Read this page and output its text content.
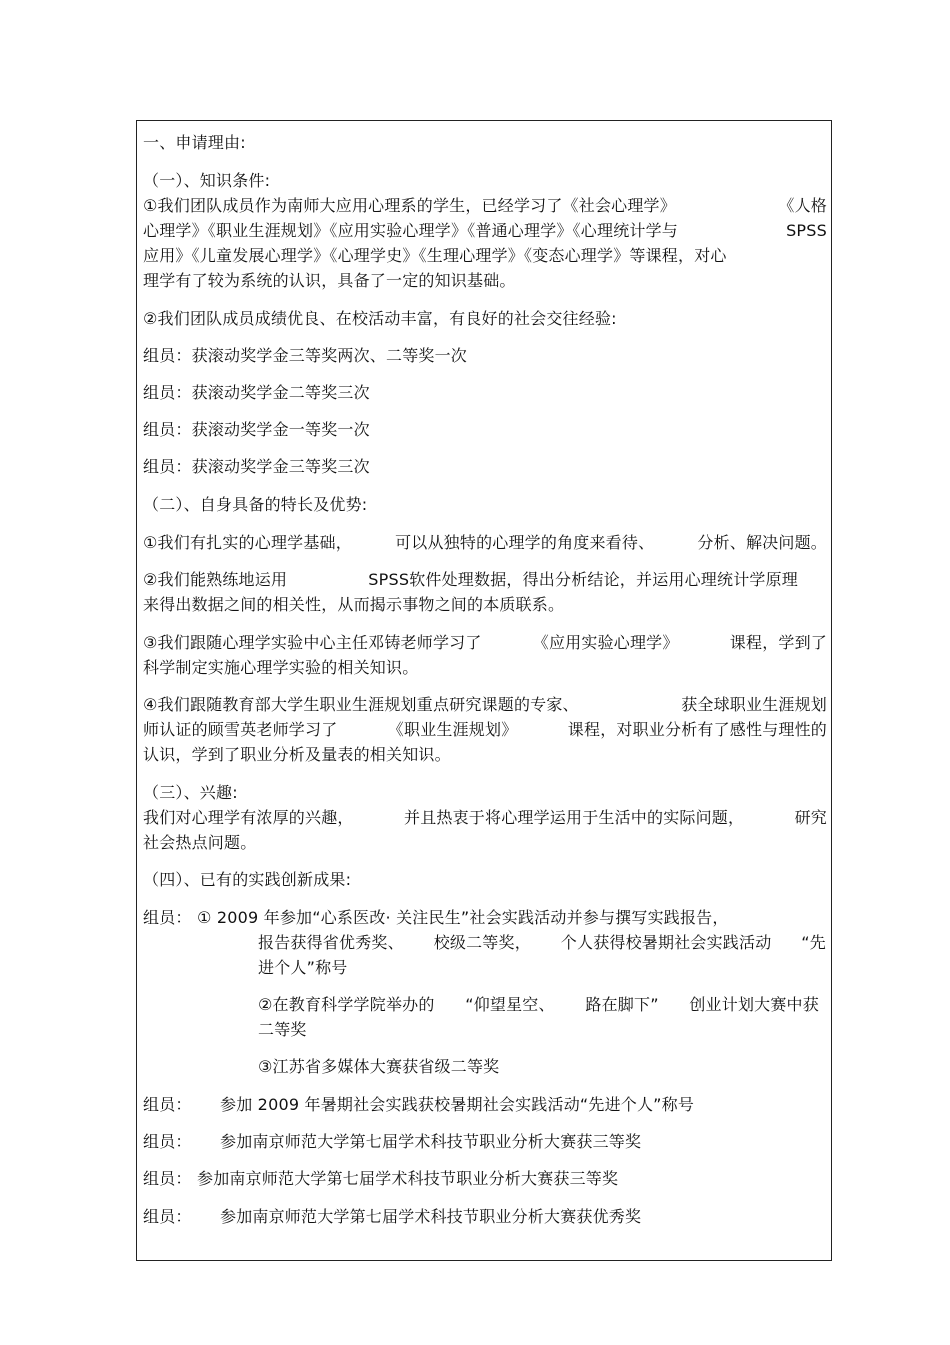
一、申请理由:
（一）、知识条件:
①我们团队成员作为南师大应用心理系的学生，已经学习了《社会心理学》	《人格
心理学》《职业生涯规划》《应用实验心理学》《普通心理学》《心理统计学与	SPSS
应用》《儿童发展心理学》《心理学史》《生理心理学》《变态心理学》等课程，对心
理学有了较为系统的认识，具备了一定的知识基础。
②我们团队成员成绩优良、在校活动丰富，有良好的社会交往经验:
组员：获滚动奖学金三等奖两次、二等奖一次
组员：获滚动奖学金二等奖三次
组员：获滚动奖学金一等奖一次
组员：获滚动奖学金三等奖三次
（二）、自身具备的特长及优势:
①我们有扎实的心理学基础，	可以从独特的心理学的角度来看待、	分析、解决问题。
②我们能熟练地运用	SPSS软件处理数据，得出分析结论，并运用心理统计学原理
来得出数据之间的相关性，从而揭示事物之间的本质联系。
③我们跟随心理学实验中心主任邓铸老师学习了	《应用实验心理学》	课程，学到了
科学制定实施心理学实验的相关知识。
④我们跟随教育部大学生职业生涯规划重点研究课题的专家、	获全球职业生涯规划
师认证的顾雪英老师学习了	《职业生涯规划》	课程，对职业分析有了感性与理性的
认识，学到了职业分析及量表的相关知识。
（三）、兴趣:
我们对心理学有浓厚的兴趣，	并且热衷于将心理学运用于生活中的实际问题，	研究
社会热点问题。
（四）、已有的实践创新成果:
组员： ① 2009 年参加“心系医改· 关注民生”社会实践活动并参与撰写实践报告，
报告获得省优秀奖、 校级二等奖， 个人获得校暑期社会实践活动 “先
进个人”称号
②在教育科学学院举办的 “仰望星空、 路在脚下” 创业计划大赛中获
二等奖
③江苏省多媒体大赛获省级二等奖
组员： 参加 2009 年暑期社会实践获校暑期社会实践活动“先进个人”称号
组员： 参加南京师范大学第七届学术科技节职业分析大赛获三等奖
组员： 参加南京师范大学第七届学术科技节职业分析大赛获三等奖
组员： 参加南京师范大学第七届学术科技节职业分析大赛获优秀奖
